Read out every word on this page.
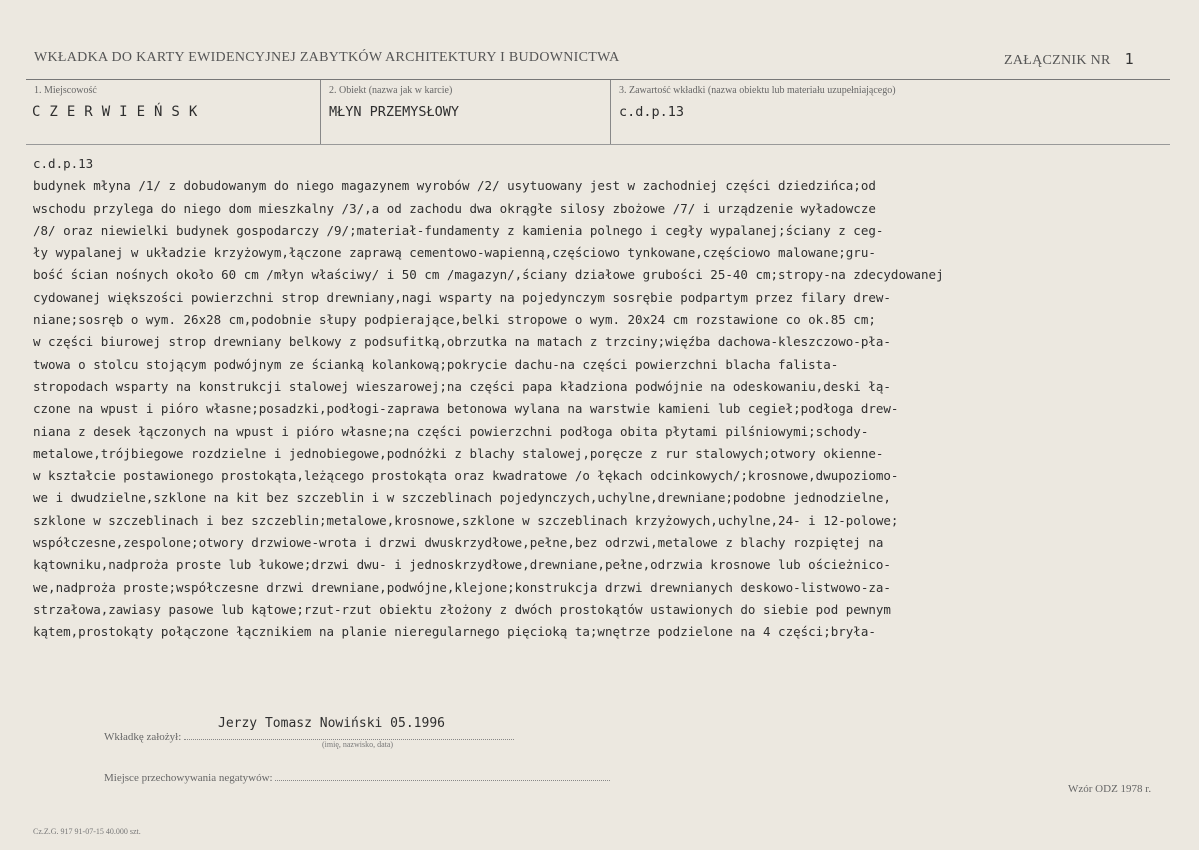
WKŁADKA DO KARTY EWIDENCYJNEJ ZABYTKÓW ARCHITEKTURY I BUDOWNICTWA	ZAŁĄCZNIK NR 1
1. Miejscowość
CZERWIEŃSK
2. Obiekt (nazwa jak w karcie)
MŁYN PRZEMYSŁOWY
3. Zawartość wkładki (nazwa obiektu lub materiału uzupełniającego)
c.d.p.13
c.d.p.13
budynek młyna /1/ z dobudowanym do niego magazynem wyrobów /2/ usytuowany jest w zachodniej części dziedzińca;od
wschodu przylega do niego dom mieszkalny /3/,a od zachodu dwa okrągłe silosy zbożowe /7/ i urządzenie wyładowcze
/8/ oraz niewielki budynek gospodarczy /9/;materiał-fundamenty z kamienia polnego i cegły wypalanej;ściany z ceg-
ły wypalanej w układzie krzyżowym,łączone zaprawą cementowo-wapienną,częściowo tynkowane,częściowo malowane;gru-
bość ścian nośnych około 60 cm /młyn właściwy/ i 50 cm /magazyn/,ściany działowe grubości 25-40 cm;stropy-na zdecydowanej
cydowanej większości powierzchni strop drewniany,nagi wsparty na pojedynczym sosrębie podpartym przez filary drew-
niane;sosręb o wym. 26x28 cm,podobnie słupy podpierające,belki stropowe o wym. 20x24 cm rozstawione co ok.85 cm;
w części biurowej strop drewniany belkowy z podsufitką,obrzutka na matach z trzciny;więźba dachowa-kleszczowo-pła-
twowa o stolcu stojącym podwójnym ze ścianką kolankową;pokrycie dachu-na części powierzchni blacha falista-
stropodach wsparty na konstrukcji stalowej wieszarowej;na części papa kładziona podwójnie na odeskowaniu,deski łą-
czone na wpust i pióro własne;posadzki,podłogi-zaprawa betonowa wylana na warstwie kamieni lub cegieł;podłoga drew-
niana z desek łączonych na wpust i pióro własne;na części powierzchni podłoga obita płytami pilśniowymi;schody-
metalowe,trójbiegowe rozdzielne i jednobiegowe,podnóżki z blachy stalowej,poręcze z rur stalowych;otwory okienne-
w kształcie postawionego prostokąta,leżącego prostokąta oraz kwadratowe /o łękach odcinkowych/;krosnowe,dwupoziomo-
we i dwudzielne,szklone na kit bez szczeblin i w szczeblinach pojedynczych,uchylne,drewniane;podobne jednodzielne,
szklone w szczeblinach i bez szczeblin;metalowe,krosnowe,szklone w szczeblinach krzyżowych,uchylne,24- i 12-polowe;
współczesne,zespolone;otwory drzwiowe-wrota i drzwi dwuskrzydłowe,pełne,bez odrzwi,metalowe z blachy rozpiętej na
kątowniku,nadproża proste lub łukowe;drzwi dwu- i jednoskrzydłowe,drewniane,pełne,odrzwia krosnowe lub ościeżnico-
we,nadproża proste;współczesne drzwi drewniane,podwójne,klejone;konstrukcja drzwi drewnianych deskowo-listwowo-za-
strzałowa,zawiasy pasowe lub kątowe;rzut-rzut obiektu złożony z dwóch prostokątów ustawionych do siebie pod pewnym
kątem,prostokąty połączone łącznikiem na planie nieregularnego pięcioką ta;wnętrze podzielone na 4 części;bryła-
Jerzy Tomasz Nowiński 05.1996
Wkładkę założył:
(imię, nazwisko, data)
Miejsce przechowywania negatywów:
Cz.Z.G. 917 91-07-15 40.000 szt.
Wzór ODZ 1978 r.
